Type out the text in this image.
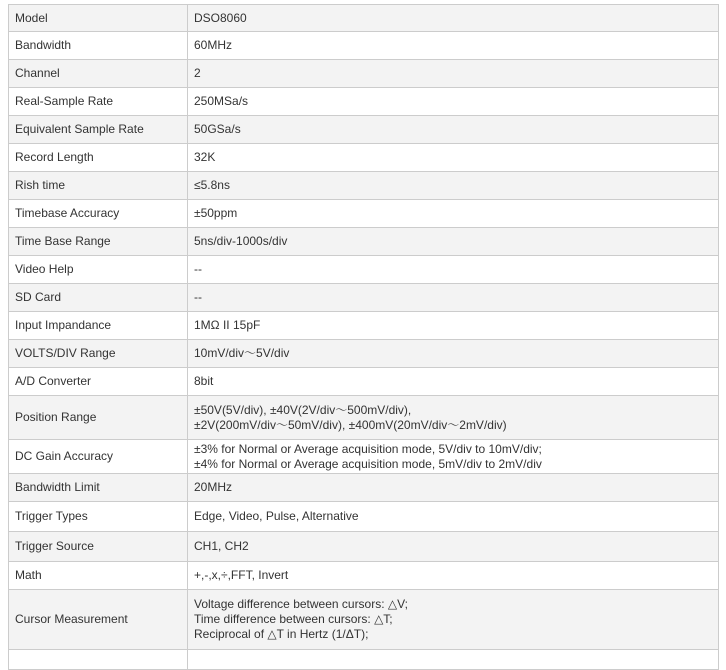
Model	DSO8060

Bandwidth	60MHz

Channel	2

Real-Sample Rate	250MSa/s

Equivalent Sample Rate	50GSa/s

Record Length	32K

Rish time	≤5.8ns

Timebase Accuracy	±50ppm

Time Base Range	5ns/div-1000s/div

Video Help	--

SD Card	--

Input Impandance	1MΩ II 15pF

VOLTS/DIV Range	10mV/div～5V/div

A/D Converter	8bit

Position Range	±50V(5V/div), ±40V(2V/div～500mV/div),
±2V(200mV/div～50mV/div), ±400mV(20mV/div～2mV/div)

DC Gain Accuracy	±3% for Normal or Average acquisition mode, 5V/div to 10mV/div;
±4% for Normal or Average acquisition mode, 5mV/div to 2mV/div

Bandwidth Limit	20MHz

Trigger Types	Edge, Video, Pulse, Alternative

Trigger Source	CH1, CH2

Math	+,-,x,÷,FFT, Invert

Cursor Measurement	Voltage difference between cursors: △V;
Time difference between cursors: △T;
Reciprocal of △T in Hertz (1/ΔT);
